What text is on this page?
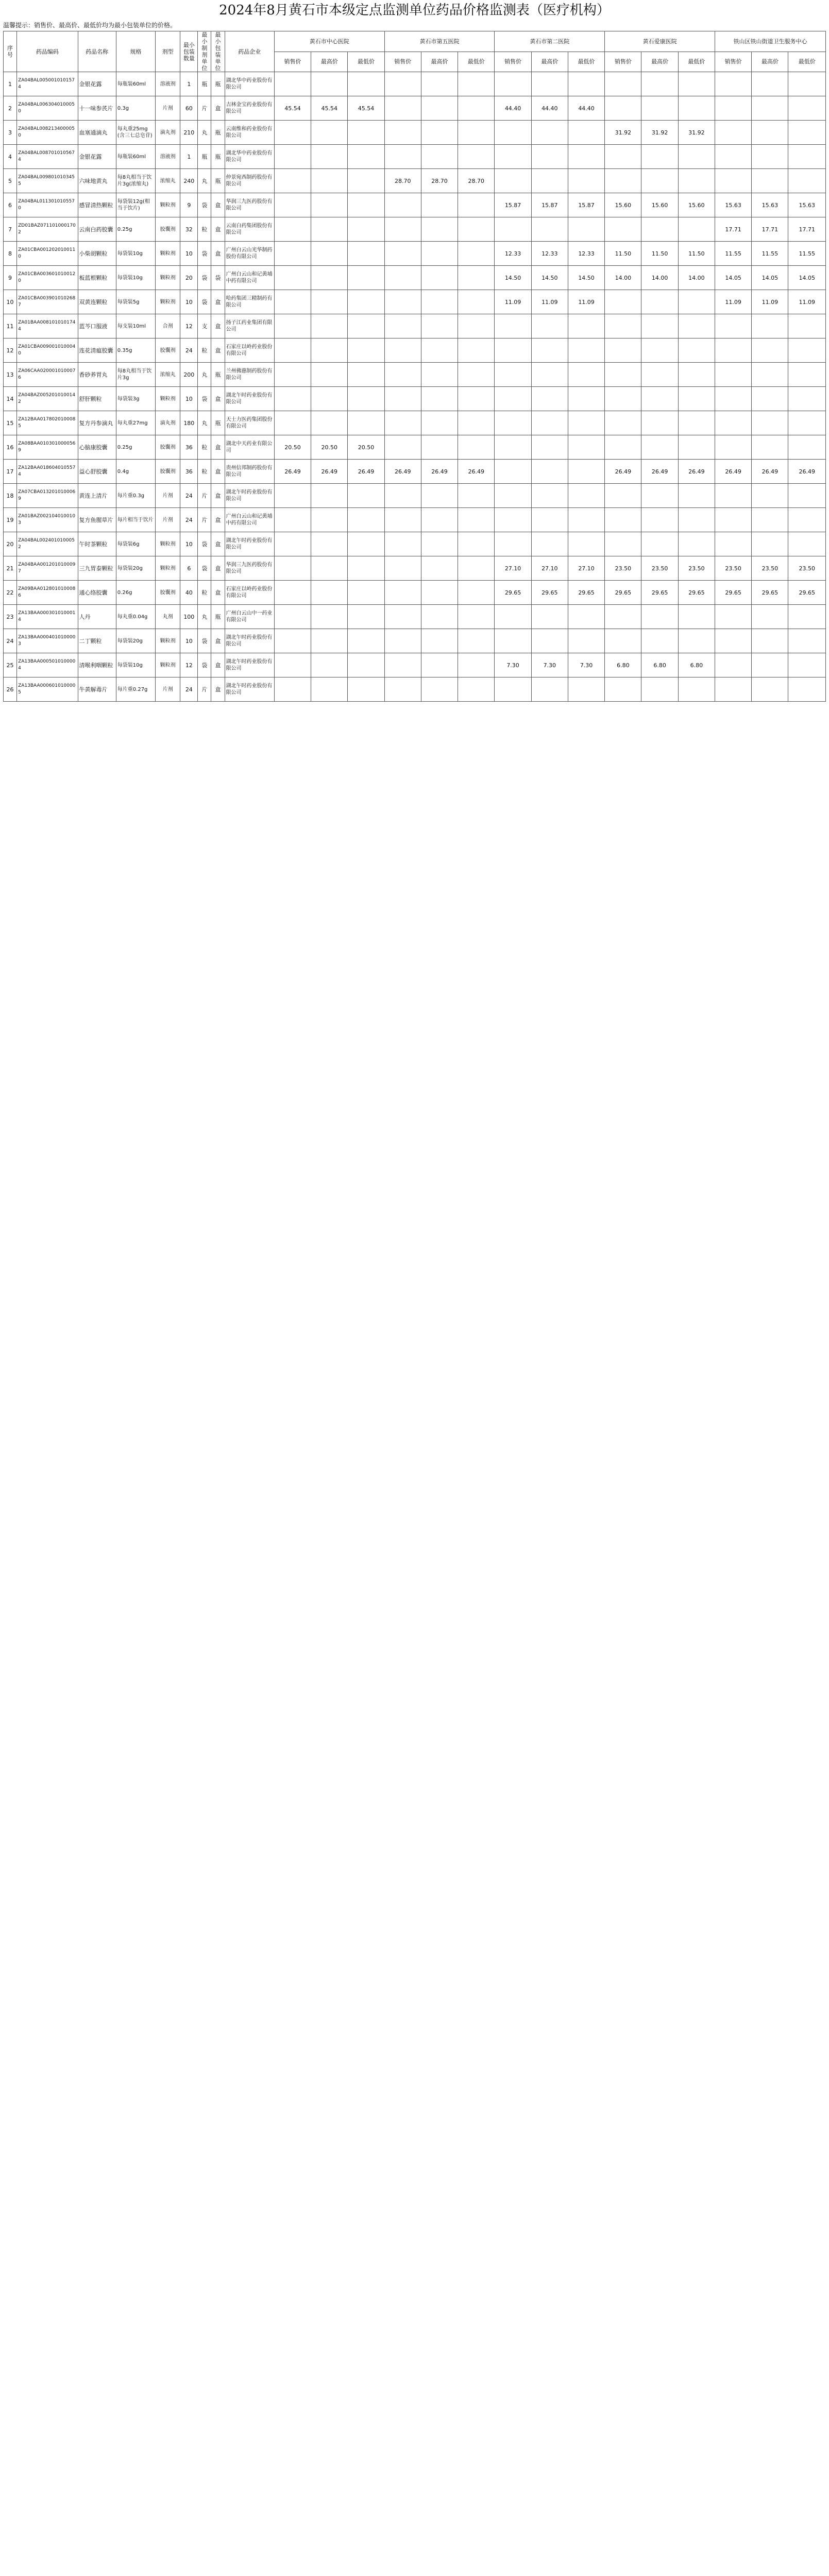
2024年8月黄石市本级定点监测单位药品价格监测表（医疗机构）
温馨提示：销售价、最高价、最低价均为最小包装单位的价格。
序号	药品编码	药品名称	规格	剂型	最小包装数量	最小制剂单位	最小包装单位	药品企业	黄石市中心医院			黄石市第五医院			黄石市第二医院			黄石爱康医院			铁山区铁山街道卫生服务中心		
									销售价	最高价	最低价	销售价	最高价	最低价	销售价	最高价	最低价	销售价	最高价	最低价	销售价	最高价	最低价
1	ZA04BAL0050010101574	金银花露	每瓶装60ml	溶液剂	1	瓶	瓶	湖北华中药业股份有限公司															
2	ZA04BAL0063040100050	十一味参芪片	0.3g	片剂	60	片	盒	吉林金宝药业股份有限公司	45.54	45.54	45.54				44.40	44.40	44.40						
3	ZA04BAL0082134000050	血塞通滴丸	每丸重25mg(含三七总皂苷)	滴丸剂	210	丸	瓶	云南维和药业股份有限公司										31.92	31.92	31.92			
4	ZA04BAL0087010105674	金银花露	每瓶装60ml	溶液剂	1	瓶	瓶	湖北华中药业股份有限公司															
5	ZA04BAL0098010103455	六味地黄丸	每8丸相当于饮片3g(浓缩丸)	浓缩丸	240	丸	瓶	仲景宛西制药股份有限公司				28.70	28.70	28.70									
6	ZA04BAL0113010105570	感冒清热颗粒	每袋装12g(相当于饮片)	颗粒剂	9	袋	盒	华润三九医药股份有限公司							15.87	15.87	15.87	15.60	15.60	15.60	15.63	15.63	15.63
7	ZD01BAZ0711010001702	云南白药胶囊	0.25g	胶囊剂	32	粒	盒	云南白药集团股份有限公司													17.71	17.71	17.71
8	ZA01CBA0012020100110	小柴胡颗粒	每袋装10g	颗粒剂	10	袋	盒	广州白云山光华制药股份有限公司							12.33	12.33	12.33	11.50	11.50	11.50	11.55	11.55	11.55
9	ZA01CBA0036010100120	板蓝根颗粒	每袋装10g	颗粒剂	20	袋	袋	广州白云山和记黄埔中药有限公司							14.50	14.50	14.50	14.00	14.00	14.00	14.05	14.05	14.05
10	ZA01CBA0039010102687	双黄连颗粒	每袋装5g	颗粒剂	10	袋	盒	哈药集团三精制药有限公司							11.09	11.09	11.09				11.09	11.09	11.09
11	ZA01BAA0081010101744	蓝芩口服液	每支装10ml	合剂	12	支	盒	扬子江药业集团有限公司															
12	ZA01CBA0090010100040	连花清瘟胶囊	0.35g	胶囊剂	24	粒	盒	石家庄以岭药业股份有限公司															
13	ZA06CAA0200010100076	香砂养胃丸	每8丸相当于饮片3g	浓缩丸	200	丸	瓶	兰州佛慈制药股份有限公司															
14	ZA04BAZ0052010100142	舒肝颗粒	每袋装3g	颗粒剂	10	袋	盒	湖北午时药业股份有限公司															
15	ZA12BAA0178020100085	复方丹参滴丸	每丸重27mg	滴丸剂	180	丸	瓶	天士力医药集团股份有限公司															
16	ZA08BAA0103010000569	心脑康胶囊	0.25g	胶囊剂	36	粒	盒	湖北中天药业有限公司	20.50	20.50	20.50												
17	ZA12BAA0186040105574	益心舒胶囊	0.4g	胶囊剂	36	粒	盒	贵州信邦制药股份有限公司	26.49	26.49	26.49	26.49	26.49	26.49				26.49	26.49	26.49	26.49	26.49	26.49
18	ZA07CBA0132010100069	黄连上清片	每片重0.3g	片剂	24	片	盒	湖北午时药业股份有限公司															
19	ZA01BAZ0021040100103	复方鱼腥草片	每片相当于饮片	片剂	24	片	盒	广州白云山和记黄埔中药有限公司															
20	ZA04BAL0024010100052	午时茶颗粒	每袋装6g	颗粒剂	10	袋	盒	湖北午时药业股份有限公司															
21	ZA04BAA0012010100097	三九胃泰颗粒	每袋装20g	颗粒剂	6	袋	盒	华润三九医药股份有限公司							27.10	27.10	27.10	23.50	23.50	23.50	23.50	23.50	23.50
22	ZA09BAA0128010100086	通心络胶囊	0.26g	胶囊剂	40	粒	盒	石家庄以岭药业股份有限公司							29.65	29.65	29.65	29.65	29.65	29.65	29.65	29.65	29.65
23	ZA13BAA0003010100014	人丹	每丸重0.04g	丸剂	100	丸	瓶	广州白云山中一药业有限公司															
24	ZA13BAA0004010100003	二丁颗粒	每袋装20g	颗粒剂	10	袋	盒	湖北午时药业股份有限公司															
25	ZA13BAA0005010100004	清喉利咽颗粒	每袋装10g	颗粒剂	12	袋	盒	湖北午时药业股份有限公司							7.30	7.30	7.30	6.80	6.80	6.80			
26	ZA13BAA0006010100005	牛黄解毒片	每片重0.27g	片剂	24	片	盒	湖北午时药业股份有限公司															
